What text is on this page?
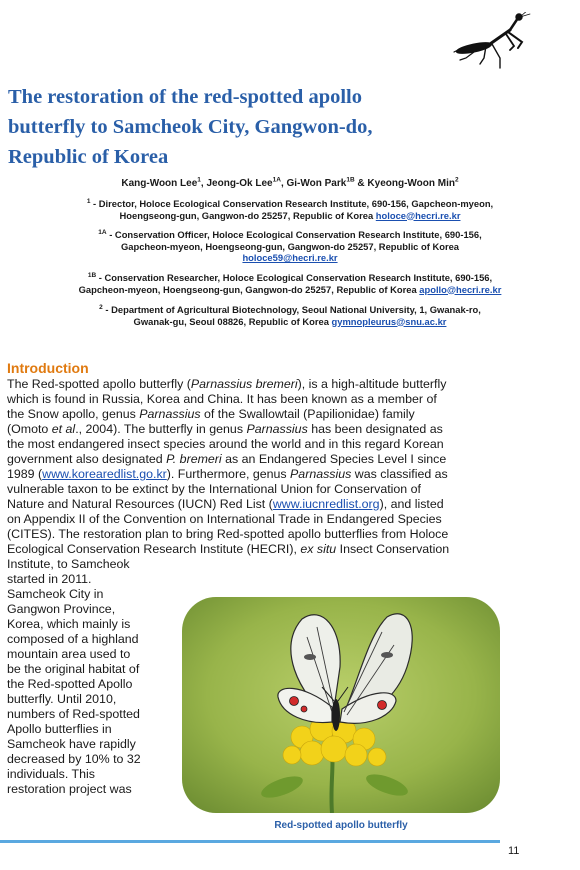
The restoration of the red-spotted apollo
butterfly to Samcheok City, Gangwon-do,
Republic of Korea
Kang-Woon Lee$^1$, Jeong-Ok Lee$^{1A}$, Gi-Won Park$^{1B}$ & Kyeong-Woon Min$^2$
$^1$ - Director, Holoce Ecological Conservation Research Institute, 690-156, Gapcheon-myeon,
Hoengseong-gun, Gangwon-do 25257, Republic of Korea holoce@hecri.re.kr
$^{1A}$ - Conservation Officer, Holoce Ecological Conservation Research Institute, 690-156,
Gapcheon-myeon, Hoengseong-gun, Gangwon-do 25257, Republic of Korea
holoce59@hecri.re.kr
$^{1B}$ - Conservation Researcher, Holoce Ecological Conservation Research Institute, 690-156,
Gapcheon-myeon, Hoengseong-gun, Gangwon-do 25257, Republic of Korea apollo@hecri.re.kr
$^2$ - Department of Agricultural Biotechnology, Seoul National University, 1, Gwanak-ro,
Gwanak-gu, Seoul 08826, Republic of Korea gymnopleurus@snu.ac.kr
Introduction
The Red-spotted apollo butterfly (Parnassius bremeri), is a high-altitude butterfly
which is found in Russia, Korea and China. It has been known as a member of
the Snow apollo, genus Parnassius of the Swallowtail (Papilionidae) family
(Omoto et al., 2004). The butterfly in genus Parnassius has been designated as
the most endangered insect species around the world and in this regard Korean
government also designated P. bremeri as an Endangered Species Level I since
1989 (www.korearedlist.go.kr). Furthermore, genus Parnassius was classified as
vulnerable taxon to be extinct by the International Union for Conservation of
Nature and Natural Resources (IUCN) Red List (www.iucnredlist.org), and listed
on Appendix II of the Convention on International Trade in Endangered Species
(CITES). The restoration plan to bring Red-spotted apollo butterflies from Holoce
Ecological Conservation Research Institute (HECRI), ex situ Insect Conservation
Institute, to Samcheok
started in 2011.
Samcheok City in
Gangwon Province,
Korea, which mainly is
composed of a highland
mountain area used to
be the original habitat of
the Red-spotted Apollo
butterfly. Until 2010,
numbers of Red-spotted
Apollo butterflies in
Samcheok have rapidly
decreased by 10% to 32
individuals. This
restoration project was
Red-spotted apollo butterfly
11
